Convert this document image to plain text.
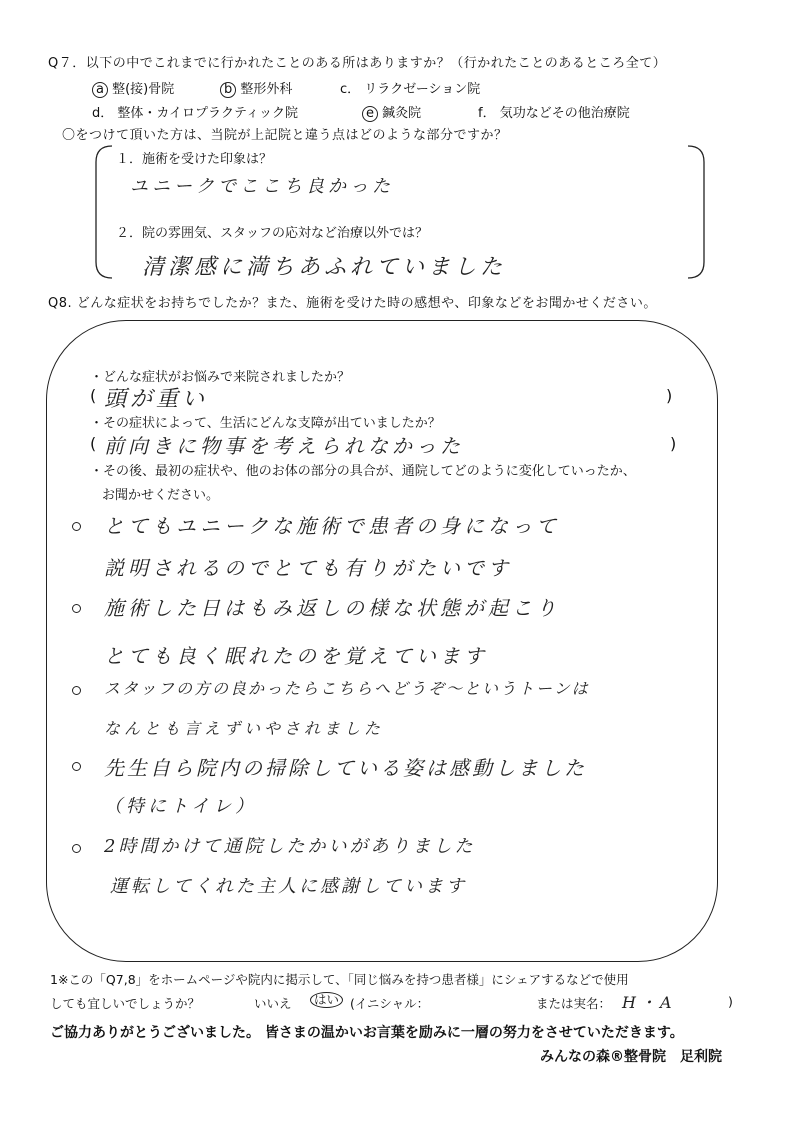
Q７．以下の中でこれまでに行かれたことのある所はありますか？（行かれたことのあるところ全て）
a 整(接)骨院	b 整形外科	c． リラクゼーション院
d． 整体・カイロプラクティック院	e 鍼灸院	f． 気功などその他治療院
〇をつけて頂いた方は、当院が上記院と違う点はどのような部分ですか？
１．施術を受けた印象は？
ユニークでここち良かった
２．院の雰囲気、スタッフの応対など治療以外では？
清潔感に満ちあふれていました
Q8. どんな症状をお持ちでしたか？また、施術を受けた時の感想や、印象などをお聞かせください。
・どんな症状がお悩みで来院されましたか？
( 頭が重い	)
・その症状によって、生活にどんな支障が出ていましたか？
( 前向きに物事を考えられなかった	)
・その後、最初の症状や、他のお体の部分の具合が、通院してどのように変化していったか、
お聞かせください。
とてもユニークな施術で患者の身になって
説明されるのでとても有りがたいです
施術した日はもみ返しの様な状態が起こり
とても良く眠れたのを覚えています
スタッフの方の良かったらこちらへどうぞ〜というトーンは
なんとも言えずいやされました
先生自ら院内の掃除している姿は感動しました
（特にトイレ）
2時間かけて通院したかいがありました
運転してくれた主人に感謝しています
1※この「Q7,8」をホームページや院内に掲示して、「同じ悩みを持つ患者様」にシェアするなどで使用
しても宜しいでしょうか？	いいえ	はい (イニシャル：	または実名： H・A	)
ご協力ありがとうございました。 皆さまの温かいお言葉を励みに一層の努力をさせていただきます。
みんなの森®整骨院　足利院
